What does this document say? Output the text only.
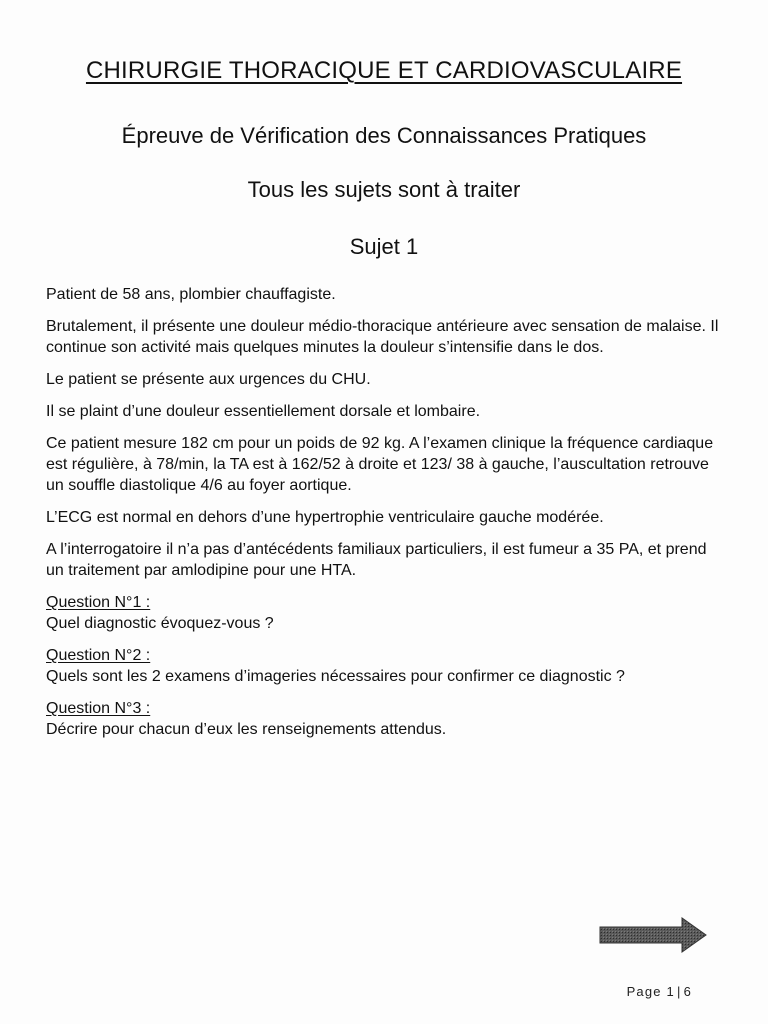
CHIRURGIE THORACIQUE ET CARDIOVASCULAIRE
Épreuve de Vérification des Connaissances Pratiques
Tous les sujets sont à traiter
Sujet 1

Patient de 58 ans, plombier chauffagiste.

Brutalement, il présente une douleur médio-thoracique antérieure avec sensation de malaise. Il continue son activité mais quelques minutes la douleur s’intensifie dans le dos.

Le patient se présente aux urgences du CHU.

Il se plaint d’une douleur essentiellement dorsale et lombaire.

Ce patient mesure 182 cm pour un poids de 92 kg. A l’examen clinique la fréquence cardiaque est régulière, à 78/min, la TA est à 162/52 à droite et 123/ 38 à gauche, l’auscultation retrouve un souffle diastolique 4/6 au foyer aortique.

L’ECG est normal en dehors d’une hypertrophie ventriculaire gauche modérée.

A l’interrogatoire il n’a pas d’antécédents familiaux particuliers, il est fumeur a 35 PA, et prend un traitement par amlodipine pour une HTA.

Question N°1 :
Quel diagnostic évoquez-vous ?
Question N°2 :
Quels sont les 2 examens d’imageries nécessaires pour confirmer ce diagnostic ?
Question N°3 :
Décrire pour chacun d’eux les renseignements attendus.
Page 1 | 6
